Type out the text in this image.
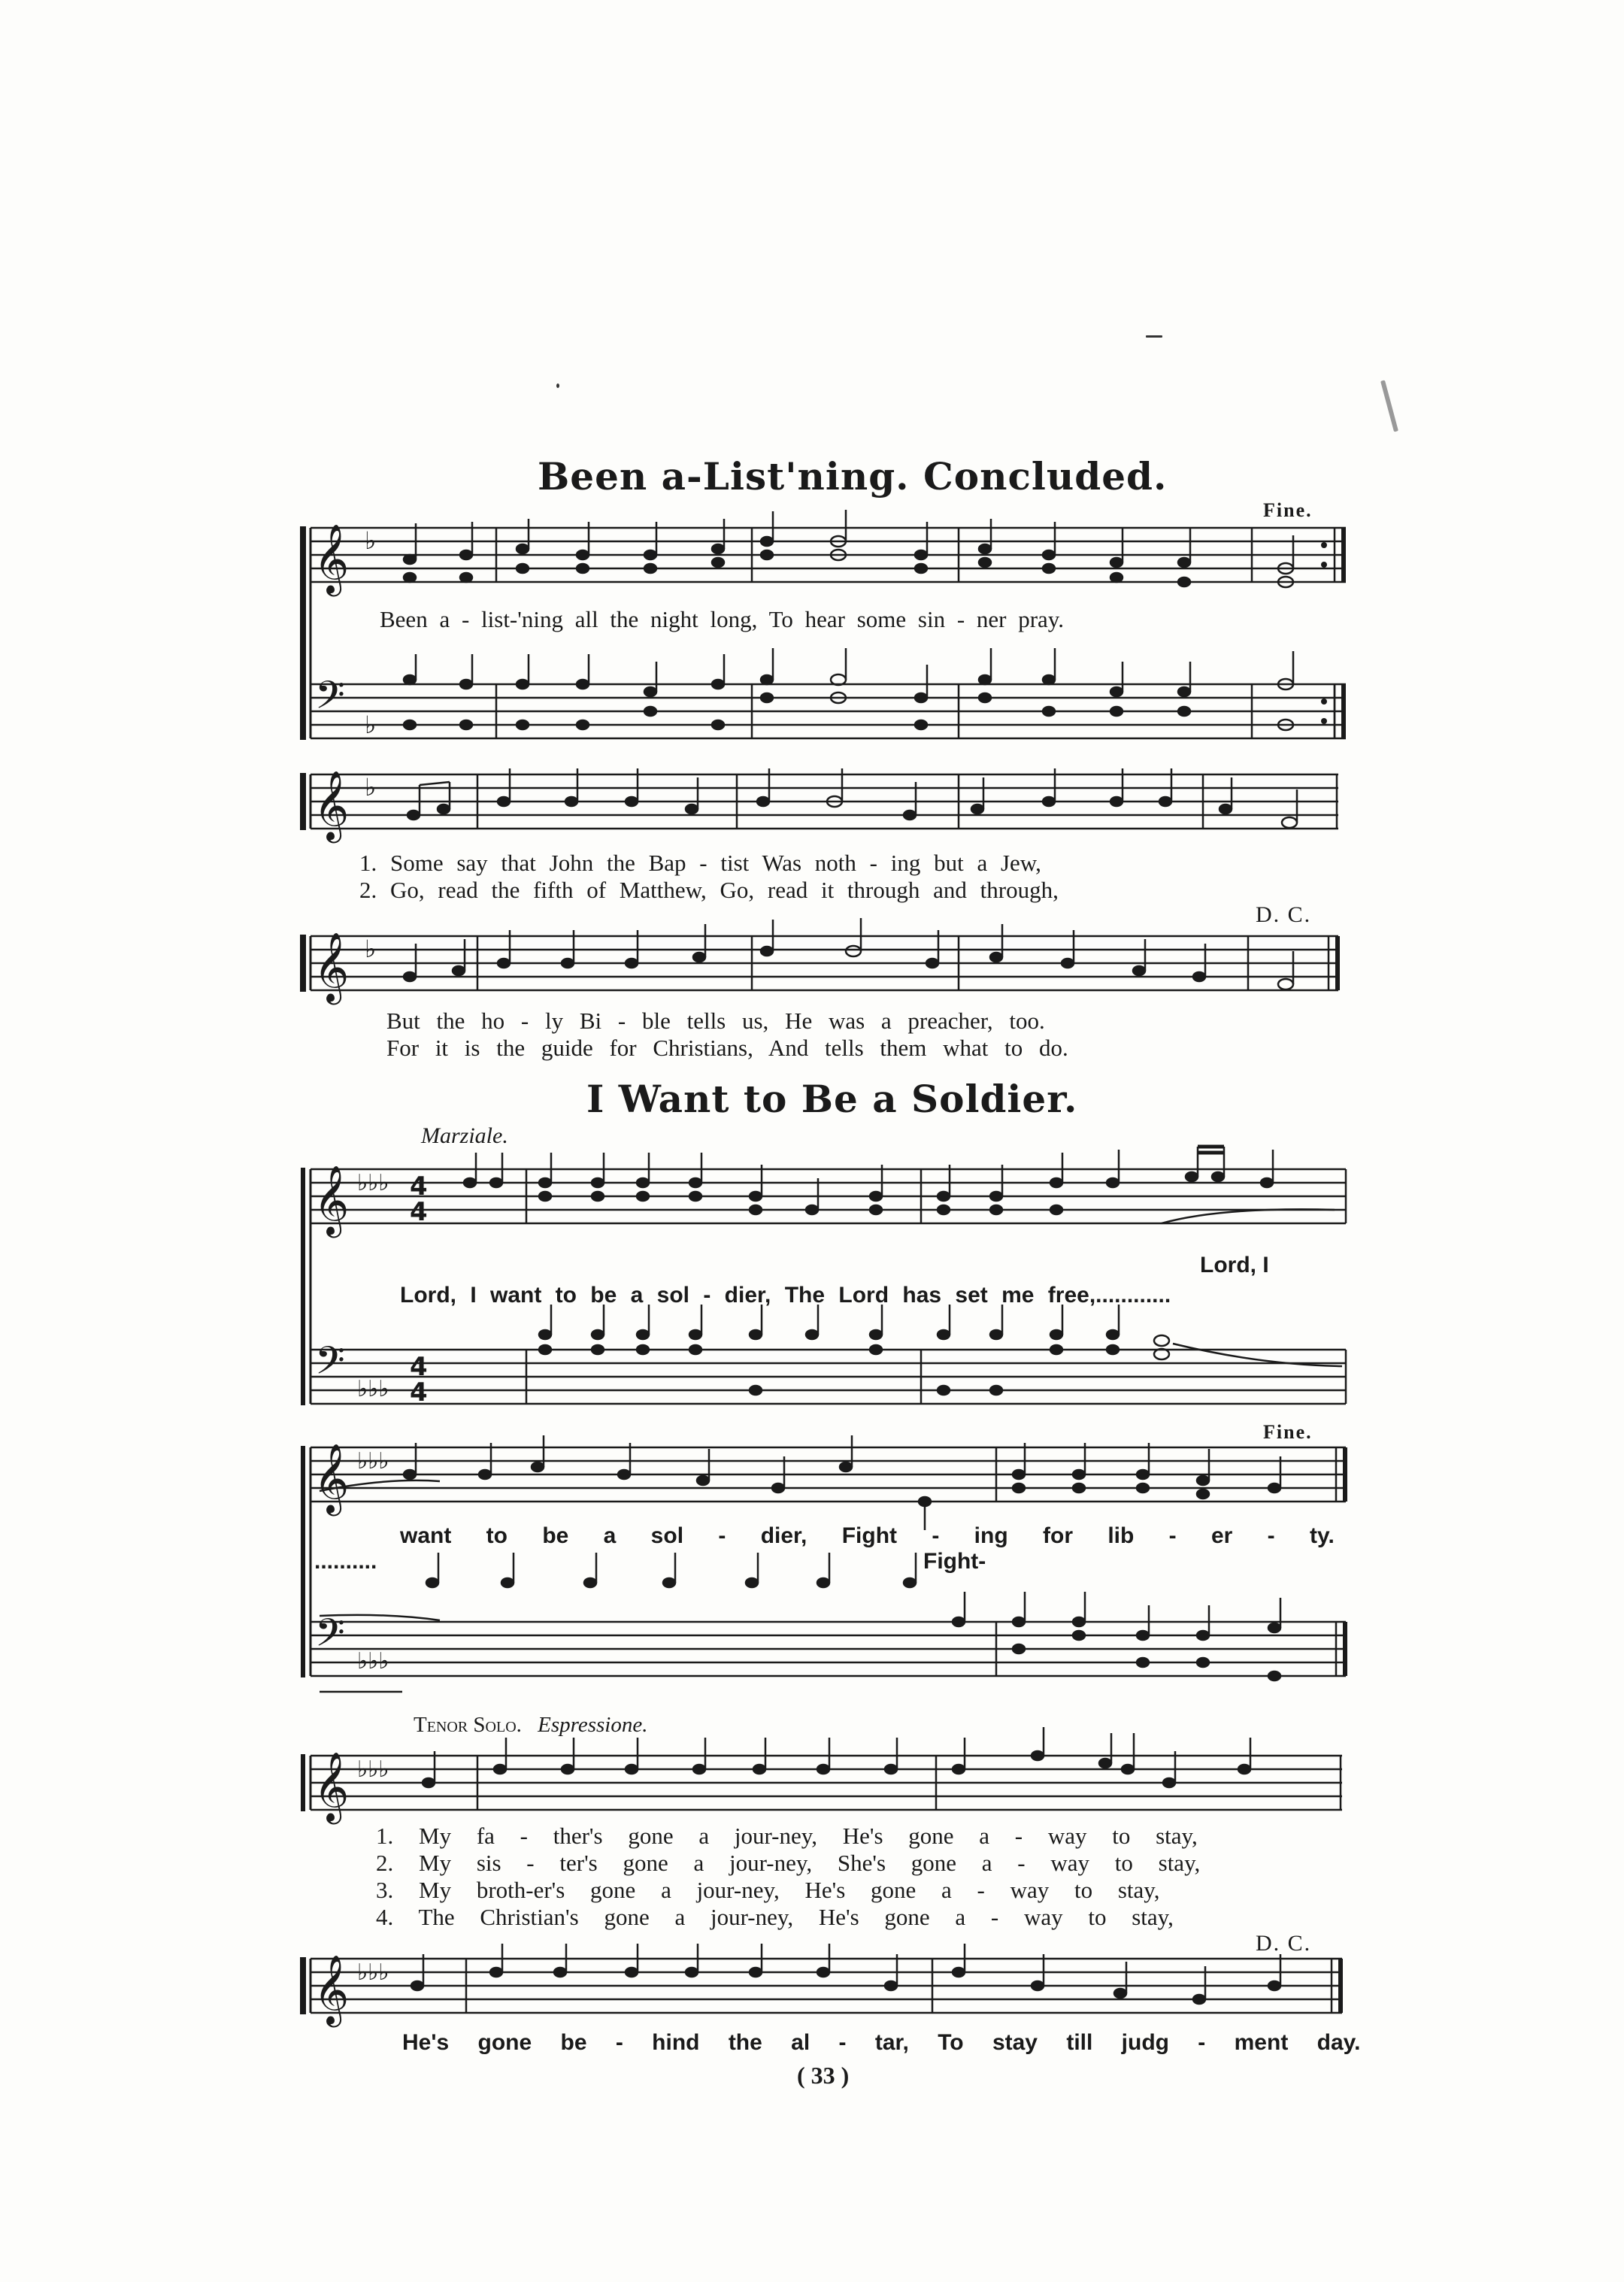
Been a-List'ning. Concluded.
Fine.
𝄞
𝄢
♭
♭
Been a - list-'ning all the night long, To hear some sin - ner pray.
𝄞 ♭
1. Some say that John the Bap - tist Was noth - ing but a Jew,
2. Go, read the fifth of Matthew, Go, read it through and through,
D. C.
𝄞 ♭
But the ho - ly Bi - ble tells us, He was a preacher, too.
For it is the guide for Christians, And tells them what to do.
I Want to Be a Soldier.
Marziale.
𝄞
𝄢
♭♭♭
♭♭♭
4
4
4
4
Lord, I
Lord, I want to be a sol - dier, The Lord has set me free,............
Fine.
𝄞
𝄢
♭♭♭
♭♭♭
want to be a sol - dier, Fight - ing for lib - er - ty.
..........	Fight-
Tenor Solo. Espressione.
𝄞 ♭♭♭
1. My fa - ther's gone a jour-ney, He's gone a - way to stay,
2. My sis - ter's gone a jour-ney, She's gone a - way to stay,
3. My broth-er's gone a jour-ney, He's gone a - way to stay,
4. The Christian's gone a jour-ney, He's gone a - way to stay,
D. C.
𝄞 ♭♭♭
He's gone be - hind the al - tar, To stay till judg - ment day.
( 33 )
